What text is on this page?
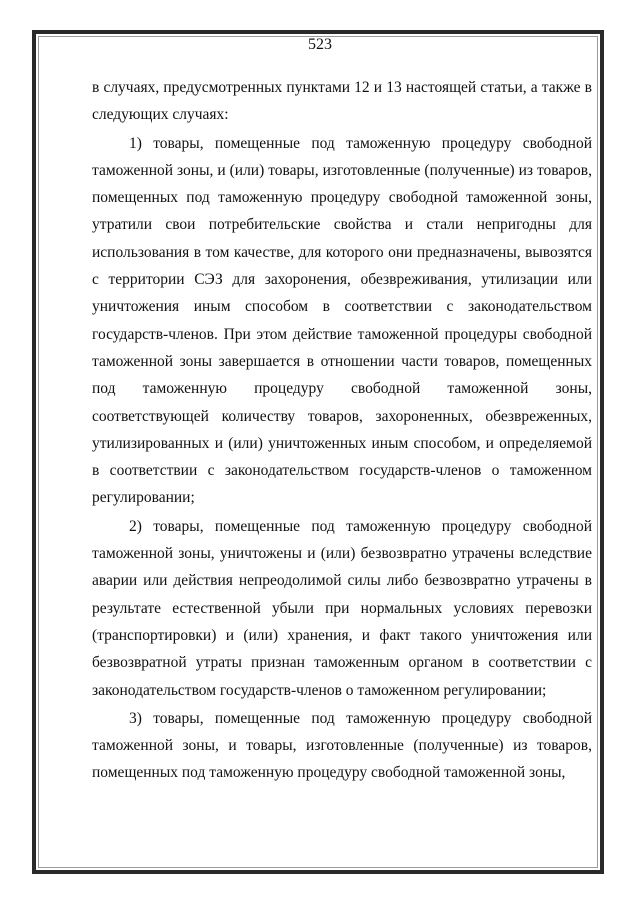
523

в случаях, предусмотренных пунктами 12 и 13 настоящей статьи, а также в следующих случаях:

1) товары, помещенные под таможенную процедуру свободной таможенной зоны, и (или) товары, изготовленные (полученные) из товаров, помещенных под таможенную процедуру свободной таможенной зоны, утратили свои потребительские свойства и стали непригодны для использования в том качестве, для которого они предназначены, вывозятся с территории СЭЗ для захоронения, обезвреживания, утилизации или уничтожения иным способом в соответствии с законодательством государств-членов. При этом действие таможенной процедуры свободной таможенной зоны завершается в отношении части товаров, помещенных под таможенную процедуру свободной таможенной зоны, соответствующей количеству товаров, захороненных, обезвреженных, утилизированных и (или) уничтоженных иным способом, и определяемой в соответствии с законодательством государств-членов о таможенном регулировании;

2) товары, помещенные под таможенную процедуру свободной таможенной зоны, уничтожены и (или) безвозвратно утрачены вследствие аварии или действия непреодолимой силы либо безвозвратно утрачены в результате естественной убыли при нормальных условиях перевозки (транспортировки) и (или) хранения, и факт такого уничтожения или безвозвратной утраты признан таможенным органом в соответствии с законодательством государств-членов о таможенном регулировании;

3) товары, помещенные под таможенную процедуру свободной таможенной зоны, и товары, изготовленные (полученные) из товаров, помещенных под таможенную процедуру свободной таможенной зоны,
